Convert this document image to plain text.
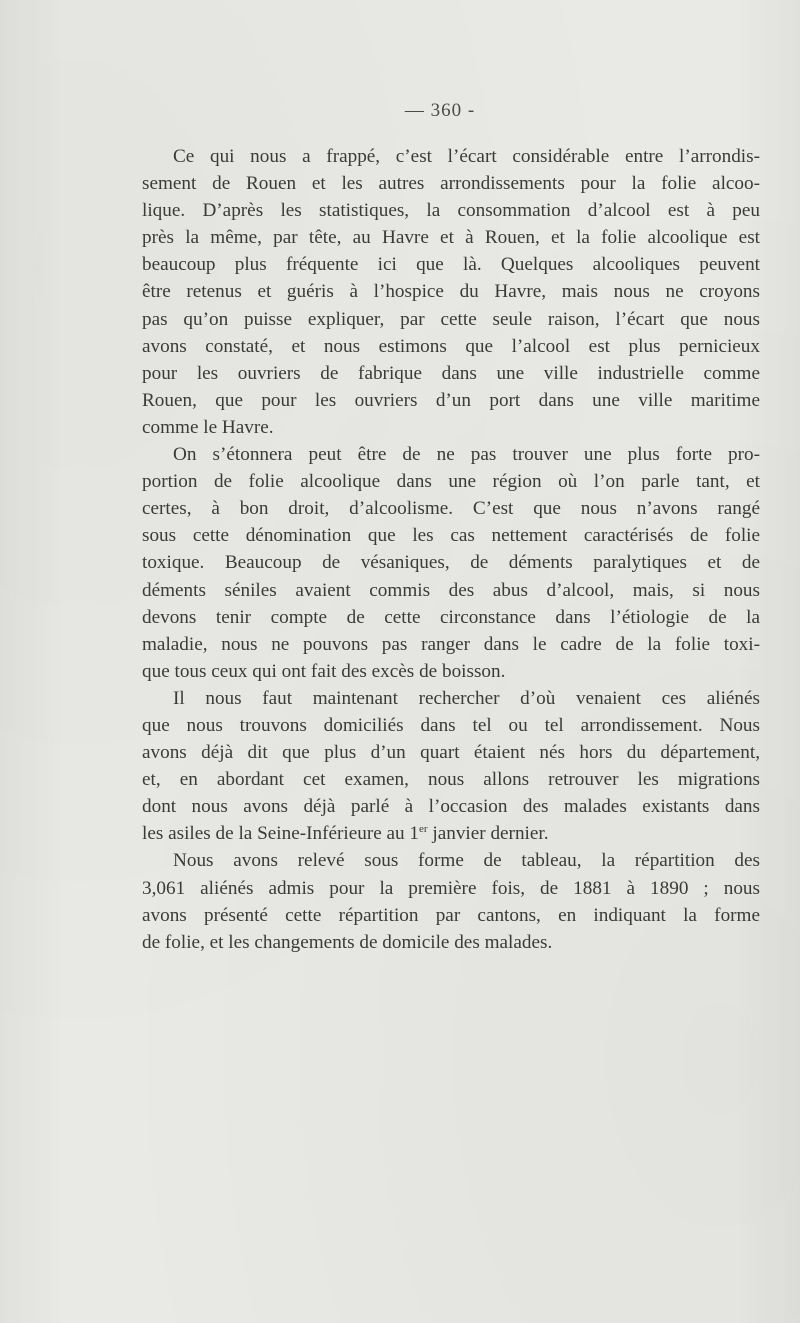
— 360 -
Ce qui nous a frappé, c’est l’écart considérable entre l’arrondis-
sement de Rouen et les autres arrondissements pour la folie alcoo-
lique. D’après les statistiques, la consommation d’alcool est à peu
près la même, par tête, au Havre et à Rouen, et la folie alcoolique est
beaucoup plus fréquente ici que là. Quelques alcooliques peuvent
être retenus et guéris à l’hospice du Havre, mais nous ne croyons
pas qu’on puisse expliquer, par cette seule raison, l’écart que nous
avons constaté, et nous estimons que l’alcool est plus pernicieux
pour les ouvriers de fabrique dans une ville industrielle comme
Rouen, que pour les ouvriers d’un port dans une ville maritime
comme le Havre.
On s’étonnera peut être de ne pas trouver une plus forte pro-
portion de folie alcoolique dans une région où l’on parle tant, et
certes, à bon droit, d’alcoolisme. C’est que nous n’avons rangé
sous cette dénomination que les cas nettement caractérisés de folie
toxique. Beaucoup de vésaniques, de déments paralytiques et de
déments séniles avaient commis des abus d’alcool, mais, si nous
devons tenir compte de cette circonstance dans l’étiologie de la
maladie, nous ne pouvons pas ranger dans le cadre de la folie toxi-
que tous ceux qui ont fait des excès de boisson.
Il nous faut maintenant rechercher d’où venaient ces aliénés
que nous trouvons domiciliés dans tel ou tel arrondissement. Nous
avons déjà dit que plus d’un quart étaient nés hors du département,
et, en abordant cet examen, nous allons retrouver les migrations
dont nous avons déjà parlé à l’occasion des malades existants dans
les asiles de la Seine-Inférieure au 1er janvier dernier.
Nous avons relevé sous forme de tableau, la répartition des
3,061 aliénés admis pour la première fois, de 1881 à 1890 ; nous
avons présenté cette répartition par cantons, en indiquant la forme
de folie, et les changements de domicile des malades.
